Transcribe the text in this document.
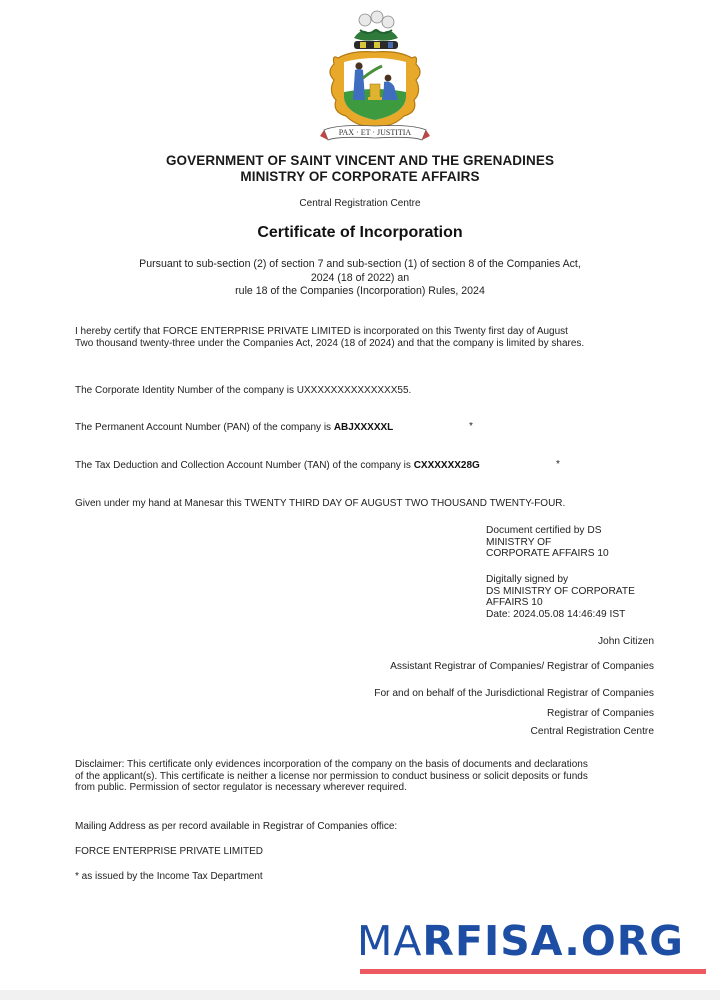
PAX · ET · JUSTITIA
GOVERNMENT OF SAINT VINCENT AND THE GRENADINES
MINISTRY OF CORPORATE AFFAIRS
Central Registration Centre
Certificate of Incorporation
Pursuant to sub-section (2) of section 7 and sub-section (1) of section 8 of the Companies Act,
2024 (18 of 2022) an
rule 18 of the Companies (Incorporation) Rules, 2024
I hereby certify that FORCE ENTERPRISE PRIVATE LIMITED is incorporated on this Twenty first day of August
Two thousand twenty-three under the Companies Act, 2024 (18 of 2024) and that the company is limited by shares.
The Corporate Identity Number of the company is UXXXXXXXXXXXXXX55.
The Permanent Account Number (PAN) of the company is ABJXXXXXL	*
The Tax Deduction and Collection Account Number (TAN) of the company is CXXXXXX28G	*
Given under my hand at Manesar this TWENTY THIRD DAY OF AUGUST TWO THOUSAND TWENTY-FOUR.
Document certified by DS
MINISTRY OF
CORPORATE AFFAIRS 10
Digitally signed by
DS MINISTRY OF CORPORATE
AFFAIRS 10
Date: 2024.05.08 14:46:49 IST
John Citizen
Assistant Registrar of Companies/ Registrar of Companies
For and on behalf of the Jurisdictional Registrar of Companies
Registrar of Companies
Central Registration Centre
Disclaimer: This certificate only evidences incorporation of the company on the basis of documents and declarations
of the applicant(s). This certificate is neither a license nor permission to conduct business or solicit deposits or funds
from public. Permission of sector regulator is necessary wherever required.
Mailing Address as per record available in Registrar of Companies office:
FORCE ENTERPRISE PRIVATE LIMITED
* as issued by the Income Tax Department
MARFISA.ORG
